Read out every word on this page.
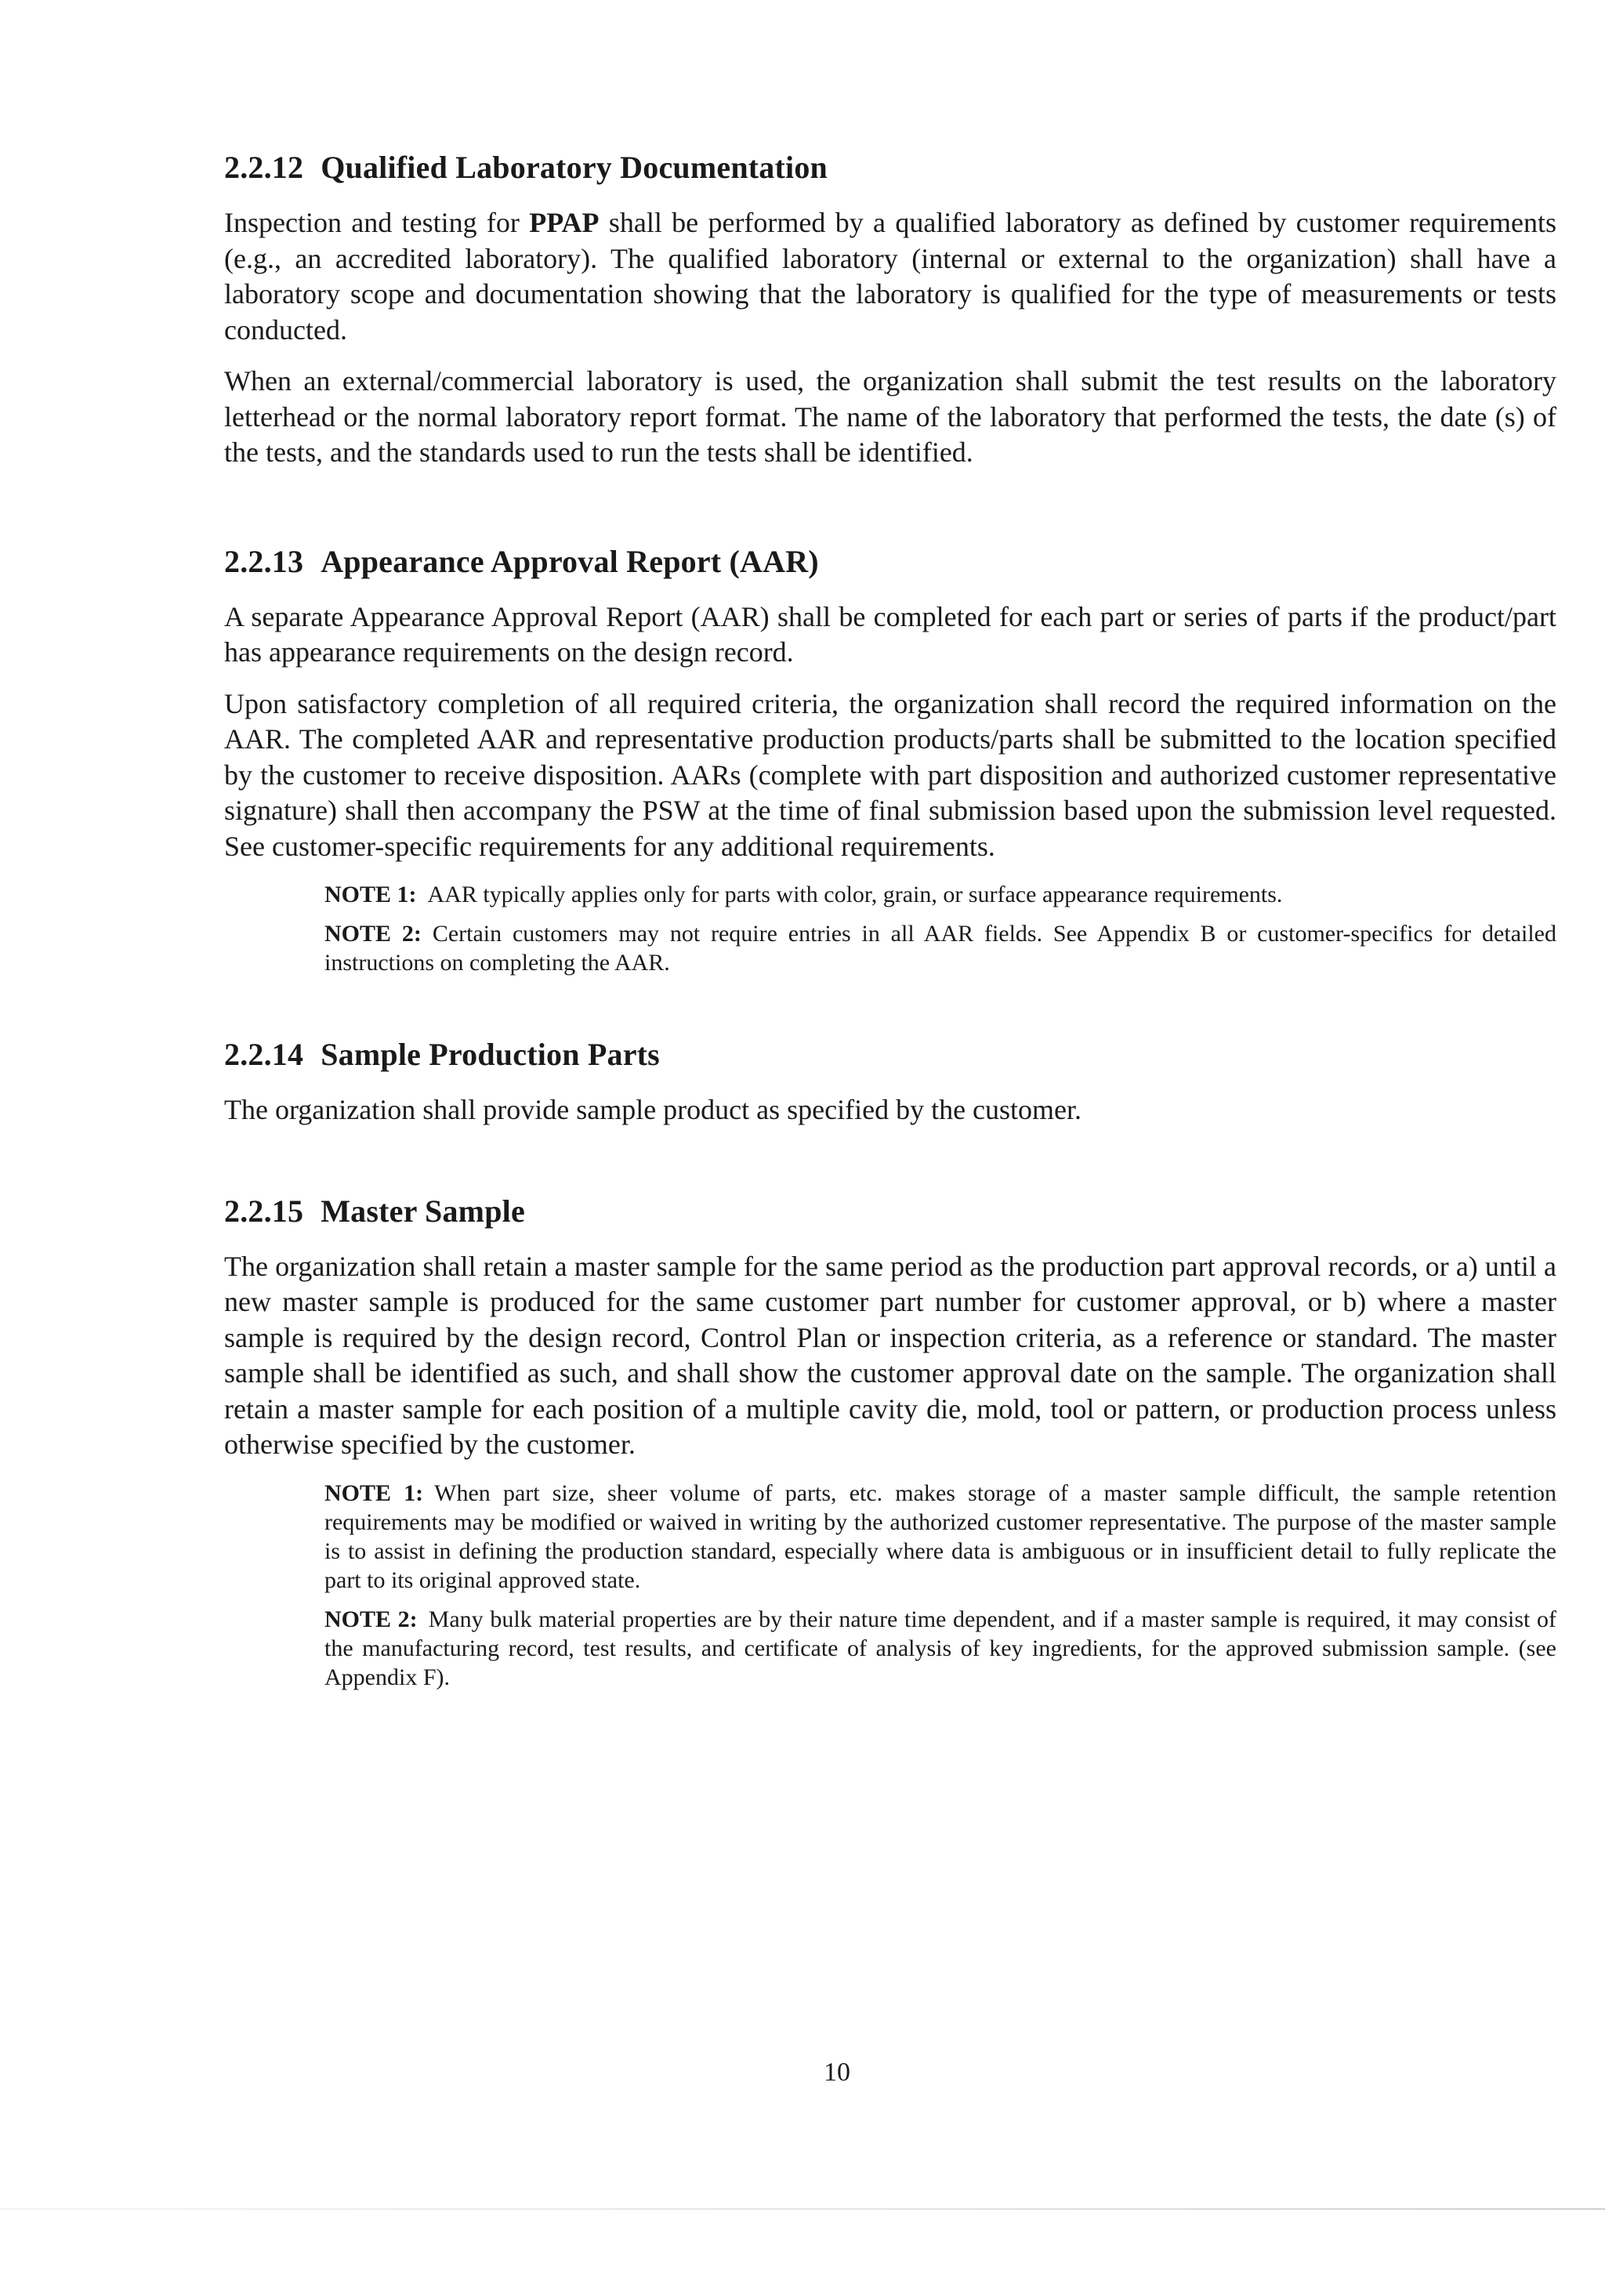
2.2.12 Qualified Laboratory Documentation

Inspection and testing for PPAP shall be performed by a qualified laboratory as defined by customer requirements (e.g., an accredited laboratory). The qualified laboratory (internal or external to the organization) shall have a laboratory scope and documentation showing that the laboratory is qualified for the type of measurements or tests conducted.

When an external/commercial laboratory is used, the organization shall submit the test results on the laboratory letterhead or the normal laboratory report format. The name of the laboratory that performed the tests, the date (s) of the tests, and the standards used to run the tests shall be identified.

2.2.13 Appearance Approval Report (AAR)

A separate Appearance Approval Report (AAR) shall be completed for each part or series of parts if the product/part has appearance requirements on the design record.

Upon satisfactory completion of all required criteria, the organization shall record the required information on the AAR. The completed AAR and representative production products/parts shall be submitted to the location specified by the customer to receive disposition. AARs (complete with part disposition and authorized customer representative signature) shall then accompany the PSW at the time of final submission based upon the submission level requested. See customer-specific requirements for any additional requirements.

NOTE 1: AAR typically applies only for parts with color, grain, or surface appearance requirements.

NOTE 2: Certain customers may not require entries in all AAR fields. See Appendix B or customer-specifics for detailed instructions on completing the AAR.

2.2.14 Sample Production Parts

The organization shall provide sample product as specified by the customer.

2.2.15 Master Sample

The organization shall retain a master sample for the same period as the production part approval records, or a) until a new master sample is produced for the same customer part number for customer approval, or b) where a master sample is required by the design record, Control Plan or inspection criteria, as a reference or standard. The master sample shall be identified as such, and shall show the customer approval date on the sample. The organization shall retain a master sample for each position of a multiple cavity die, mold, tool or pattern, or production process unless otherwise specified by the customer.

NOTE 1: When part size, sheer volume of parts, etc. makes storage of a master sample difficult, the sample retention requirements may be modified or waived in writing by the authorized customer representative. The purpose of the master sample is to assist in defining the production standard, especially where data is ambiguous or in insufficient detail to fully replicate the part to its original approved state.

NOTE 2: Many bulk material properties are by their nature time dependent, and if a master sample is required, it may consist of the manufacturing record, test results, and certificate of analysis of key ingredients, for the approved submission sample. (see Appendix F).

10
